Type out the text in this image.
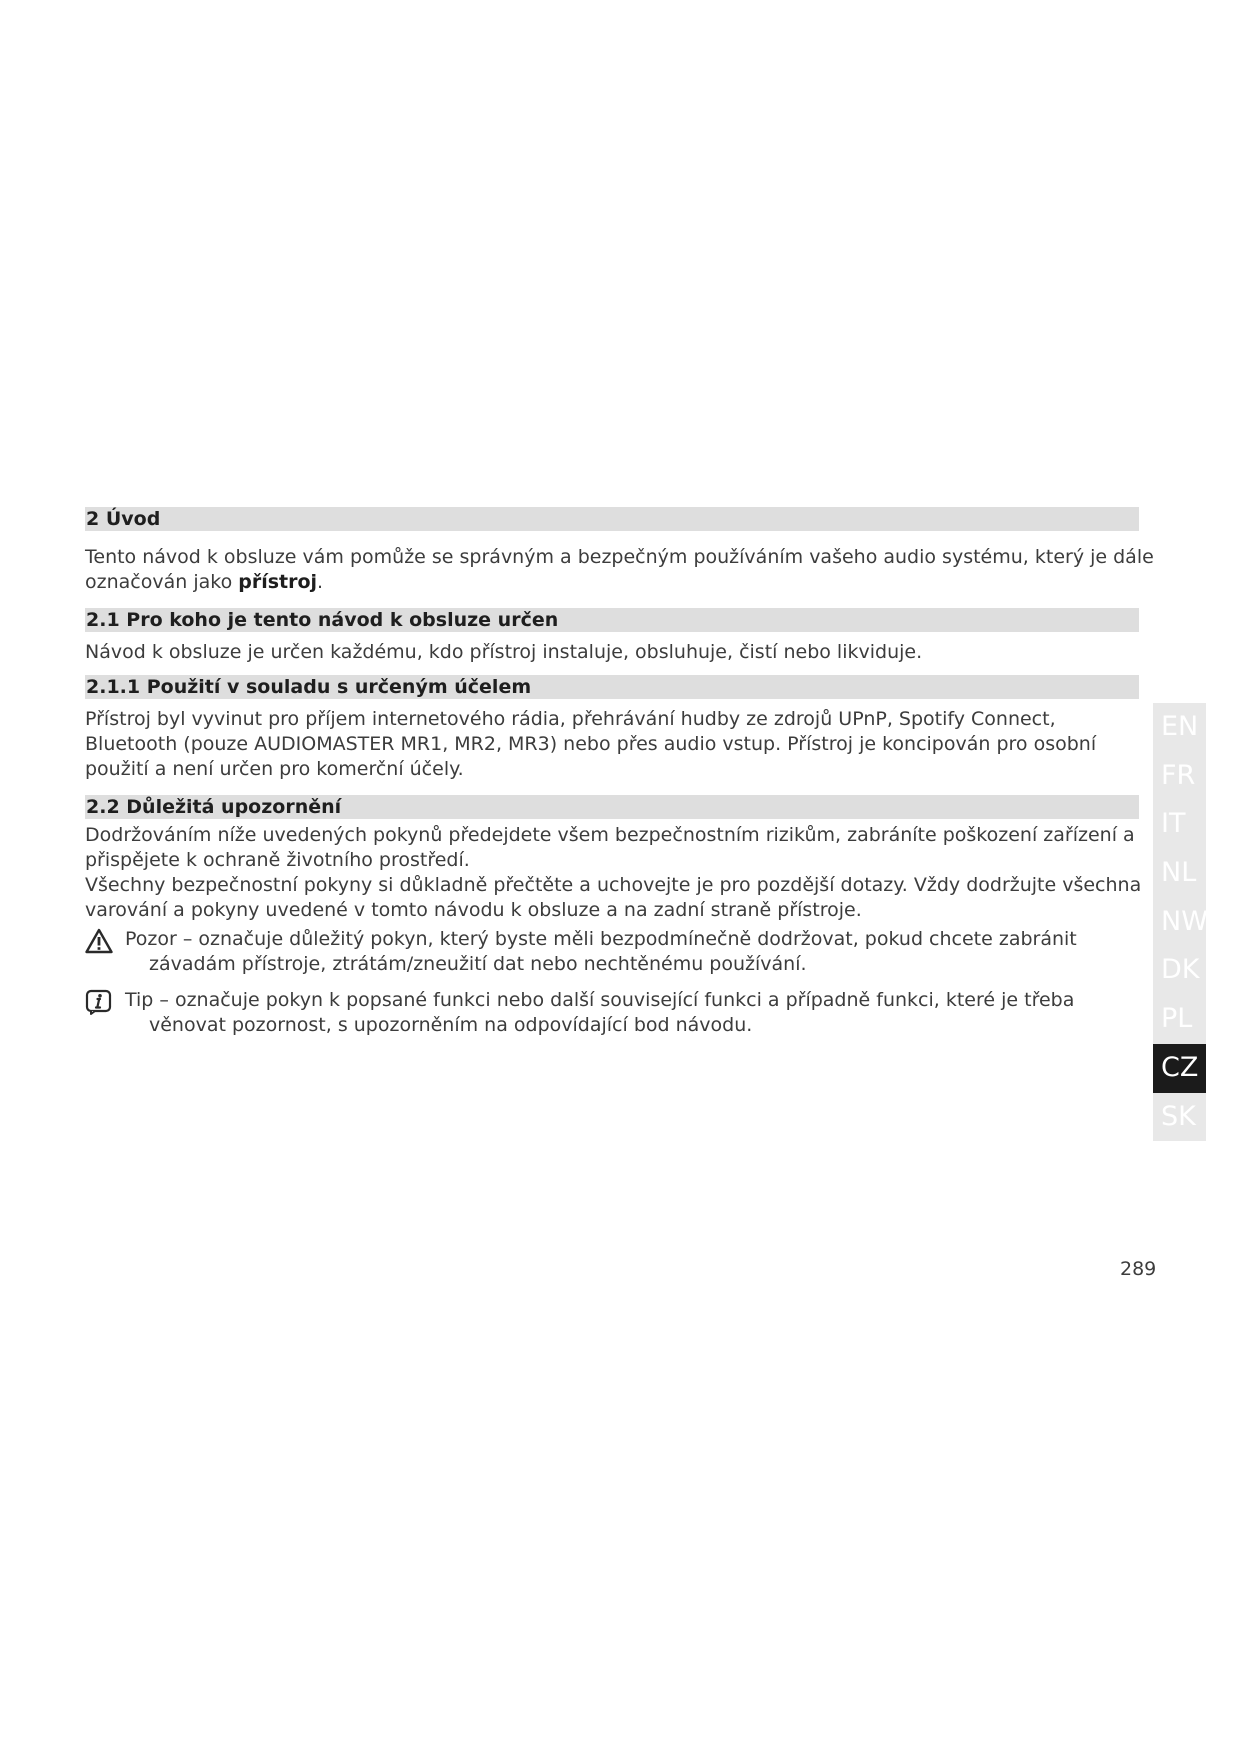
2 Úvod
Tento návod k obsluze vám pomůže se správným a bezpečným používáním vašeho audio systému, který je dále
označován jako přístroj.
2.1 Pro koho je tento návod k obsluze určen
Návod k obsluze je určen každému, kdo přístroj instaluje, obsluhuje, čistí nebo likviduje.
2.1.1 Použití v souladu s určeným účelem
Přístroj byl vyvinut pro příjem internetového rádia, přehrávání hudby ze zdrojů UPnP, Spotify Connect,
Bluetooth (pouze AUDIOMASTER MR1, MR2, MR3) nebo přes audio vstup. Přístroj je koncipován pro osobní
použití a není určen pro komerční účely.
2.2 Důležitá upozornění
Dodržováním níže uvedených pokynů předejdete všem bezpečnostním rizikům, zabráníte poškození zařízení a
přispějete k ochraně životního prostředí.
Všechny bezpečnostní pokyny si důkladně přečtěte a uchovejte je pro pozdější dotazy. Vždy dodržujte všechna
varování a pokyny uvedené v tomto návodu k obsluze a na zadní straně přístroje.
Pozor – označuje důležitý pokyn, který byste měli bezpodmínečně dodržovat, pokud chcete zabránit
závadám přístroje, ztrátám/zneužití dat nebo nechtěnému používání.
Tip – označuje pokyn k popsané funkci nebo další související funkci a případně funkci, které je třeba
věnovat pozornost, s upozorněním na odpovídající bod návodu.
EN
FR
IT
NL
NW
DK
PL
CZ
SK
289
